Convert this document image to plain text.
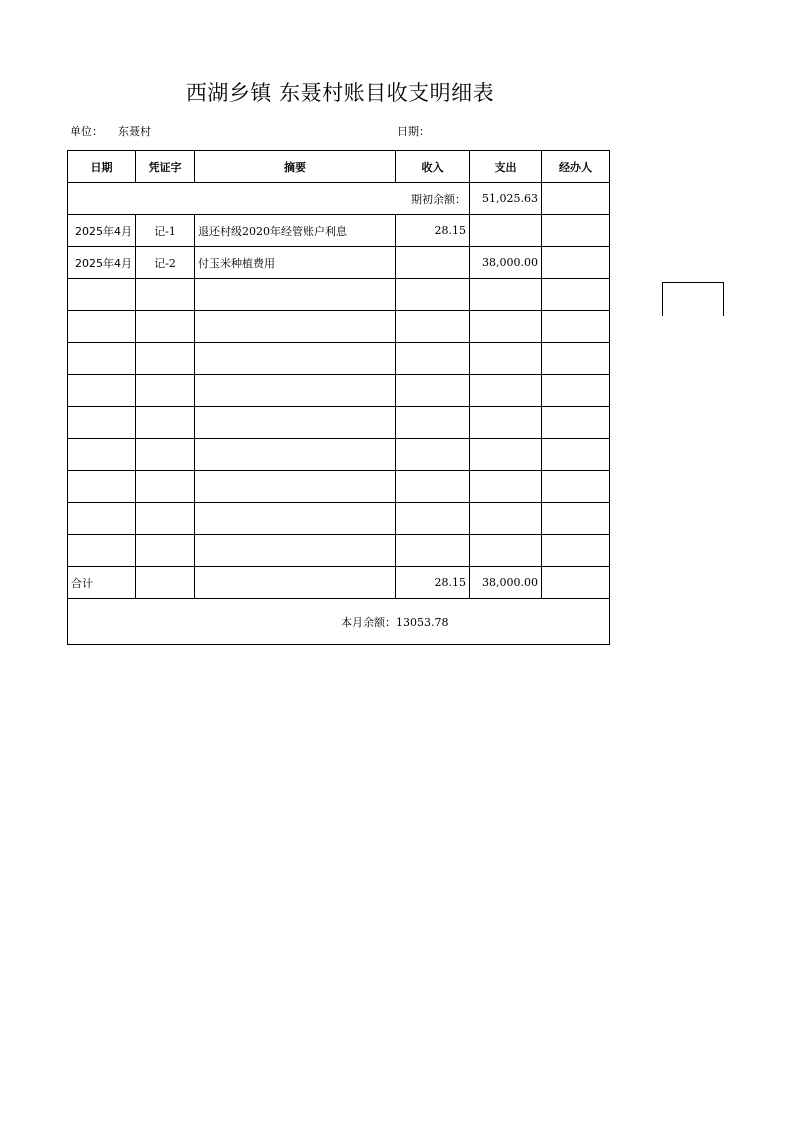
西湖乡镇 东聂村账目收支明细表
单位： 东聂村	日期：
日期	凭证字	摘要	收入	支出	经办人
期初余额：				51,025.63	
2025年4月	记-1	退还村级2020年经管账户利息	28.15		
2025年4月	记-2	付玉米种植费用		38,000.00	

合计			28.15	38,000.00	
本月余额：13053.78					
